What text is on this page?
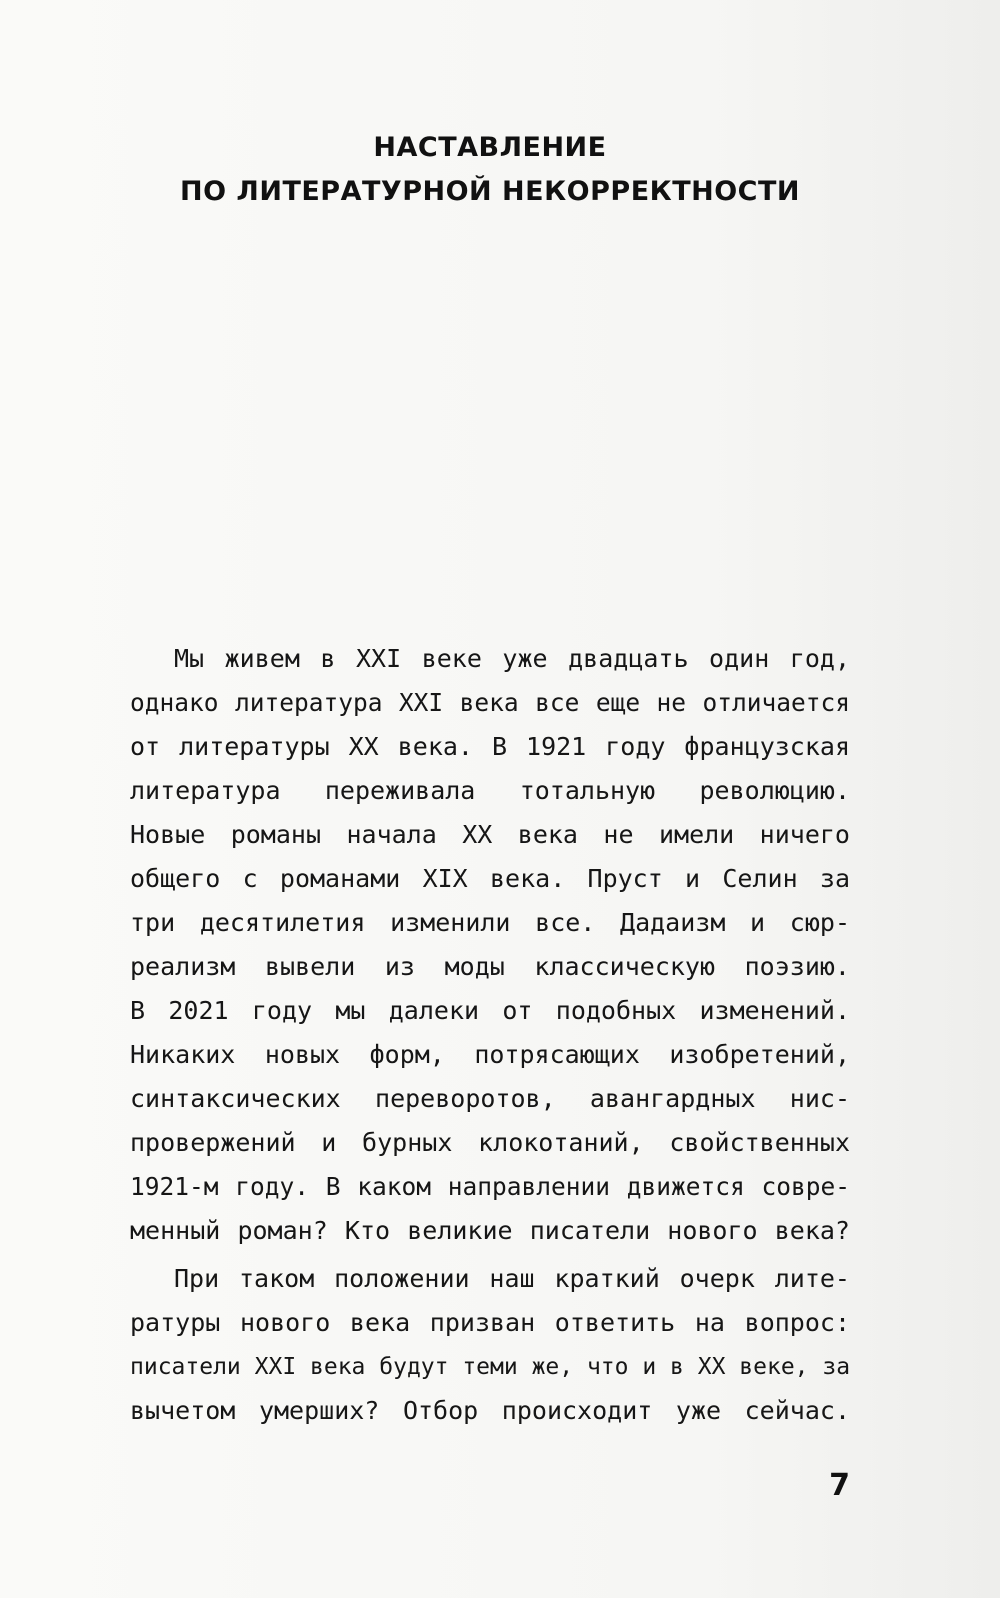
НАСТАВЛЕНИЕ
ПО ЛИТЕРАТУРНОЙ НЕКОРРЕКТНОСТИ
Мы живем в XXI веке уже двадцать один год,
однако литература XXI века все еще не отличается
от литературы XX века. В 1921 году французская
литература переживала тотальную революцию.
Новые романы начала XX века не имели ничего
общего с романами XIX века. Пруст и Селин за
три десятилетия изменили все. Дадаизм и сюр-
реализм вывели из моды классическую поэзию.
В 2021 году мы далеки от подобных изменений.
Никаких новых форм, потрясающих изобретений,
синтаксических переворотов, авангардных нис-
провержений и бурных клокотаний, свойственных
1921-м году. В каком направлении движется совре-
менный роман? Кто великие писатели нового века?
При таком положении наш краткий очерк лите-
ратуры нового века призван ответить на вопрос:
писатели XXI века будут теми же, что и в XX веке, за
вычетом умерших? Отбор происходит уже сейчас.
7
